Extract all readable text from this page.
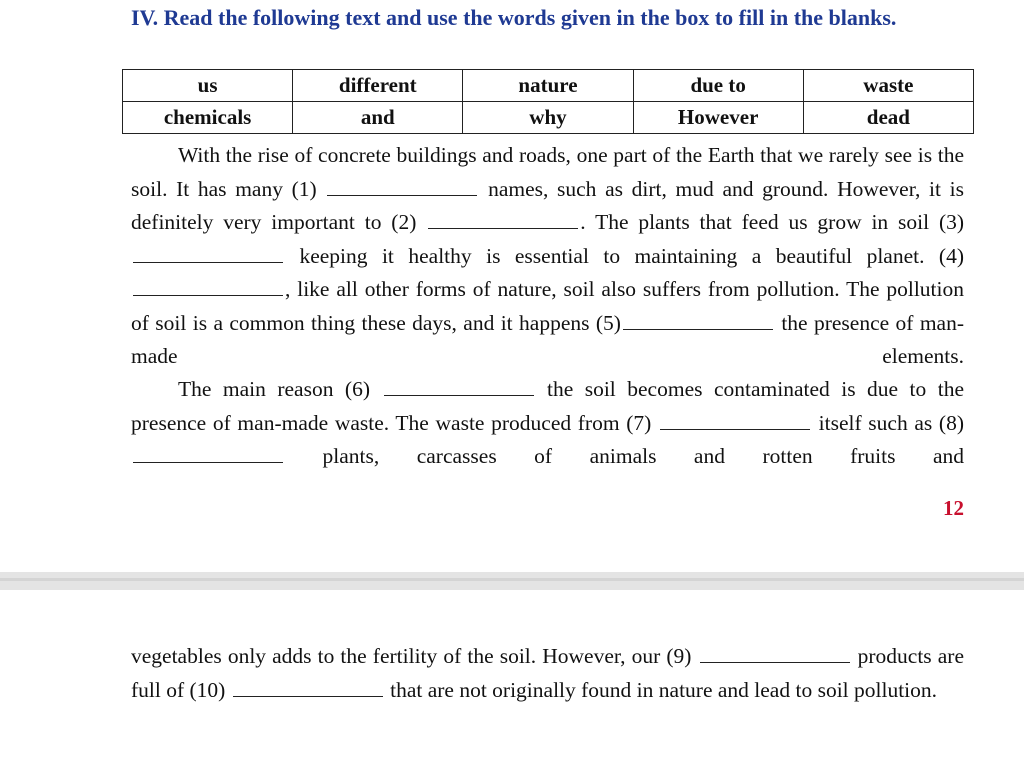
IV. Read the following text and use the words given in the box to fill in the blanks.
us	different	nature	due to	waste
chemicals	and	why	However	dead

With the rise of concrete buildings and roads, one part of the Earth that we rarely see is the soil. It has many (1)	names, such as dirt, mud and ground. However, it is definitely very important to (2)	. The plants that feed us grow in soil (3)  keeping it healthy is essential to maintaining a beautiful planet. (4) , like all other forms of nature, soil also suffers from pollution. The pollution of soil is a common thing these days, and it happens (5)	the presence of man-made elements.

The main reason (6)	the soil becomes contaminated is due to the presence of man-made waste. The waste produced from (7)	itself such as (8)  plants, carcasses of animals and rotten fruits and

12

vegetables only adds to the fertility of the soil. However, our (9)	products are full of (10)	that are not originally found in nature and lead to soil pollution.
